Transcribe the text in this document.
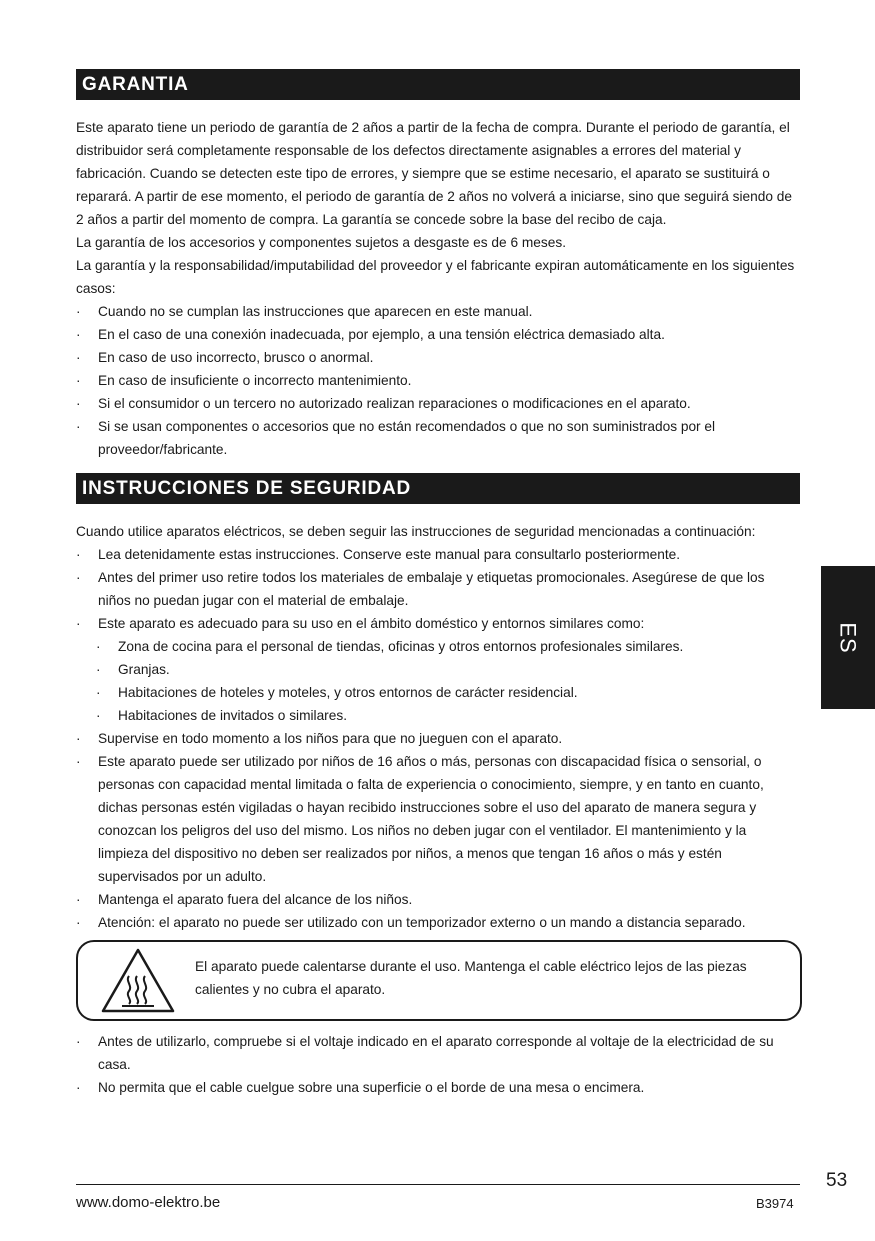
GARANTIA

Este aparato tiene un periodo de garantía de 2 años a partir de la fecha de compra. Durante el periodo de garantía, el distribuidor será completamente responsable de los defectos directamente asignables a errores del material y fabricación. Cuando se detecten este tipo de errores, y siempre que se estime necesario, el aparato se sustituirá o reparará. A partir de ese momento, el periodo de garantía de 2 años no volverá a iniciarse, sino que seguirá siendo de 2 años a partir del momento de compra. La garantía se concede sobre la base del recibo de caja.

La garantía de los accesorios y componentes sujetos a desgaste es de 6 meses.

La garantía y la responsabilidad/imputabilidad del proveedor y el fabricante expiran automáticamente en los siguientes casos:

· Cuando no se cumplan las instrucciones que aparecen en este manual.
· En el caso de una conexión inadecuada, por ejemplo, a una tensión eléctrica demasiado alta.
· En caso de uso incorrecto, brusco o anormal.
· En caso de insuficiente o incorrecto mantenimiento.
· Si el consumidor o un tercero no autorizado realizan reparaciones o modificaciones en el aparato.
· Si se usan componentes o accesorios que no están recomendados o que no son suministrados por el proveedor/fabricante.
INSTRUCCIONES DE SEGURIDAD

Cuando utilice aparatos eléctricos, se deben seguir las instrucciones de seguridad mencionadas a continuación:

· Lea detenidamente estas instrucciones. Conserve este manual para consultarlo posteriormente.
· Antes del primer uso retire todos los materiales de embalaje y etiquetas promocionales. Asegúrese de que los niños no puedan jugar con el material de embalaje.
· Este aparato es adecuado para su uso en el ámbito doméstico y entornos similares como:
· Zona de cocina para el personal de tiendas, oficinas y otros entornos profesionales similares.
· Granjas.
· Habitaciones de hoteles y moteles, y otros entornos de carácter residencial.
· Habitaciones de invitados o similares.
· Supervise en todo momento a los niños para que no jueguen con el aparato.
· Este aparato puede ser utilizado por niños de 16 años o más, personas con discapacidad física o sensorial, o personas con capacidad mental limitada o falta de experiencia o conocimiento, siempre, y en tanto en cuanto, dichas personas estén vigiladas o hayan recibido instrucciones sobre el uso del aparato de manera segura y conozcan los peligros del uso del mismo. Los niños no deben jugar con el ventilador. El mantenimiento y la limpieza del dispositivo no deben ser realizados por niños, a menos que tengan 16 años o más y estén supervisados por un adulto.
· Mantenga el aparato fuera del alcance de los niños.
· Atención: el aparato no puede ser utilizado con un temporizador externo o un mando a distancia separado.

El aparato puede calentarse durante el uso. Mantenga el cable eléctrico lejos de las piezas calientes y no cubra el aparato.

· Antes de utilizarlo, compruebe si el voltaje indicado en el aparato corresponde al voltaje de la electricidad de su casa.
· No permita que el cable cuelgue sobre una superficie o el borde de una mesa o encimera.
ES
53
www.domo-elektro.be	B3974
